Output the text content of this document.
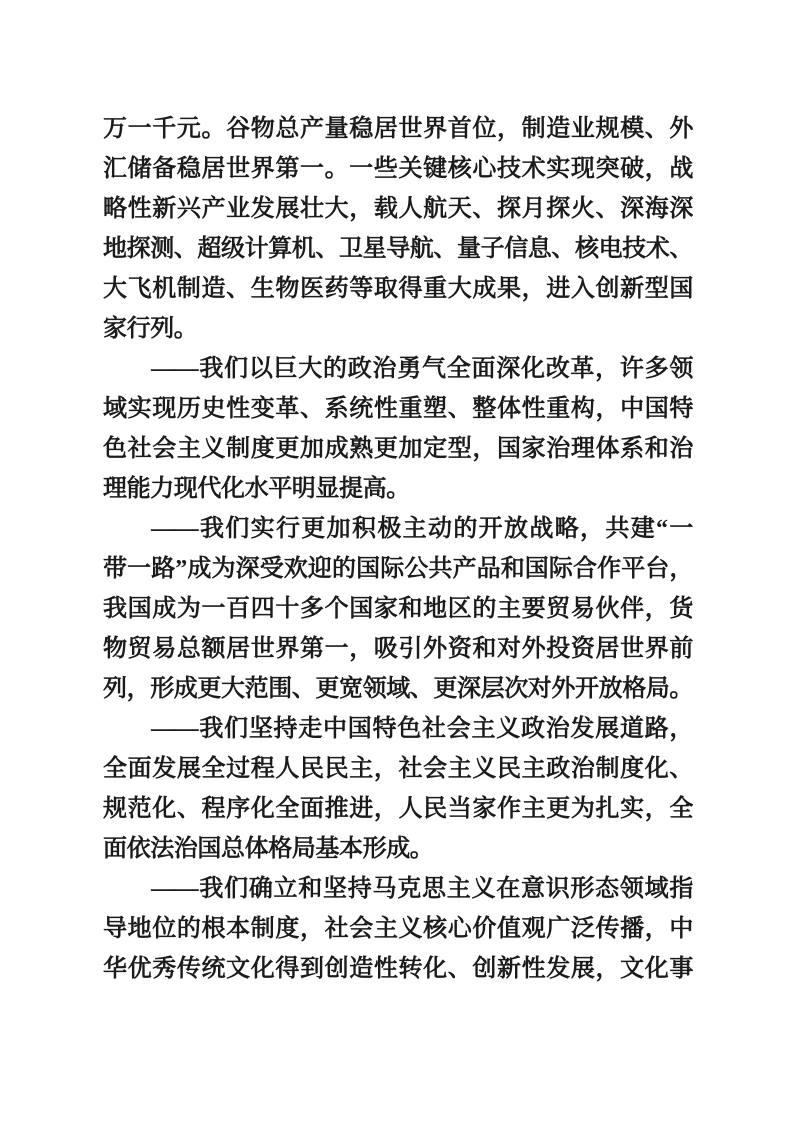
万一千元。谷物总产量稳居世界首位，制造业规模、外
汇储备稳居世界第一。一些关键核心技术实现突破，战
略性新兴产业发展壮大，载人航天、探月探火、深海深
地探测、超级计算机、卫星导航、量子信息、核电技术、
大飞机制造、生物医药等取得重大成果，进入创新型国
家行列。
——我们以巨大的政治勇气全面深化改革，许多领
域实现历史性变革、系统性重塑、整体性重构，中国特
色社会主义制度更加成熟更加定型，国家治理体系和治
理能力现代化水平明显提高。
——我们实行更加积极主动的开放战略，共建“一
带一路”成为深受欢迎的国际公共产品和国际合作平台，
我国成为一百四十多个国家和地区的主要贸易伙伴，货
物贸易总额居世界第一，吸引外资和对外投资居世界前
列，形成更大范围、更宽领域、更深层次对外开放格局。
——我们坚持走中国特色社会主义政治发展道路，
全面发展全过程人民民主，社会主义民主政治制度化、
规范化、程序化全面推进，人民当家作主更为扎实，全
面依法治国总体格局基本形成。
——我们确立和坚持马克思主义在意识形态领域指
导地位的根本制度，社会主义核心价值观广泛传播，中
华优秀传统文化得到创造性转化、创新性发展，文化事
